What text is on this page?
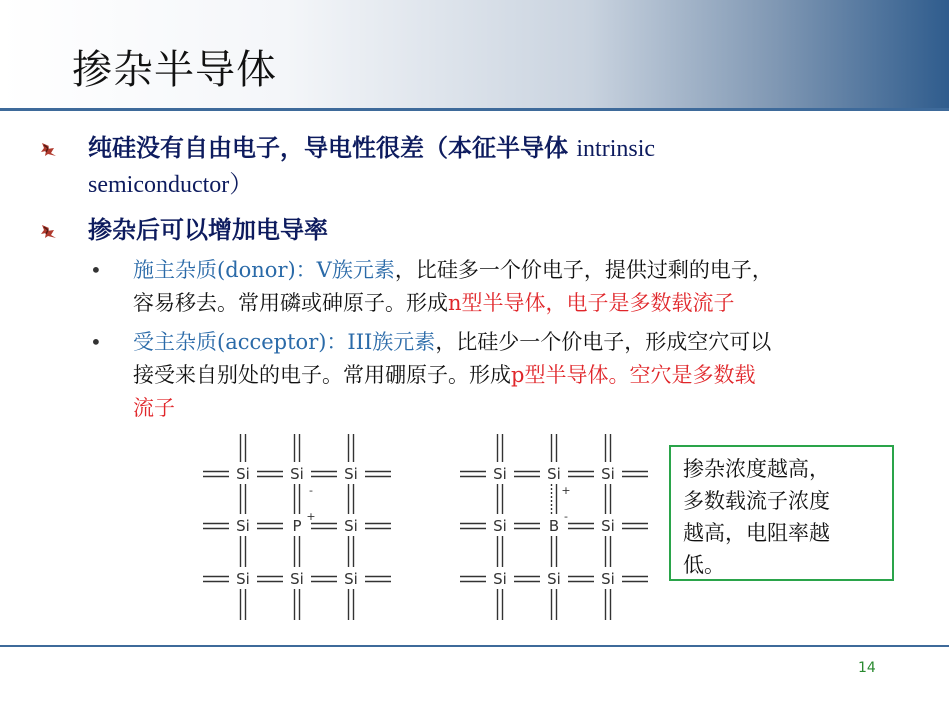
掺杂半导体
纯硅没有自由电子，导电性很差（本征半导体 intrinsic
semiconductor）
掺杂后可以增加电导率
• 施主杂质(donor)：V族元素，比硅多一个价电子，提供过剩的电子，
容易移去。常用磷或砷原子。形成n型半导体，电子是多数载流子
• 受主杂质(acceptor)：III族元素，比硅少一个价电子，形成空穴可以
接受来自别处的电子。常用硼原子。形成p型半导体。空穴是多数载
流子
Si	Si	Si
Si	P	Si
Si	Si	Si
-
+
Si	Si	Si
Si	B	Si
Si	Si	Si
+
-
掺杂浓度越高，
多数载流子浓度
越高，电阻率越
低。
14
